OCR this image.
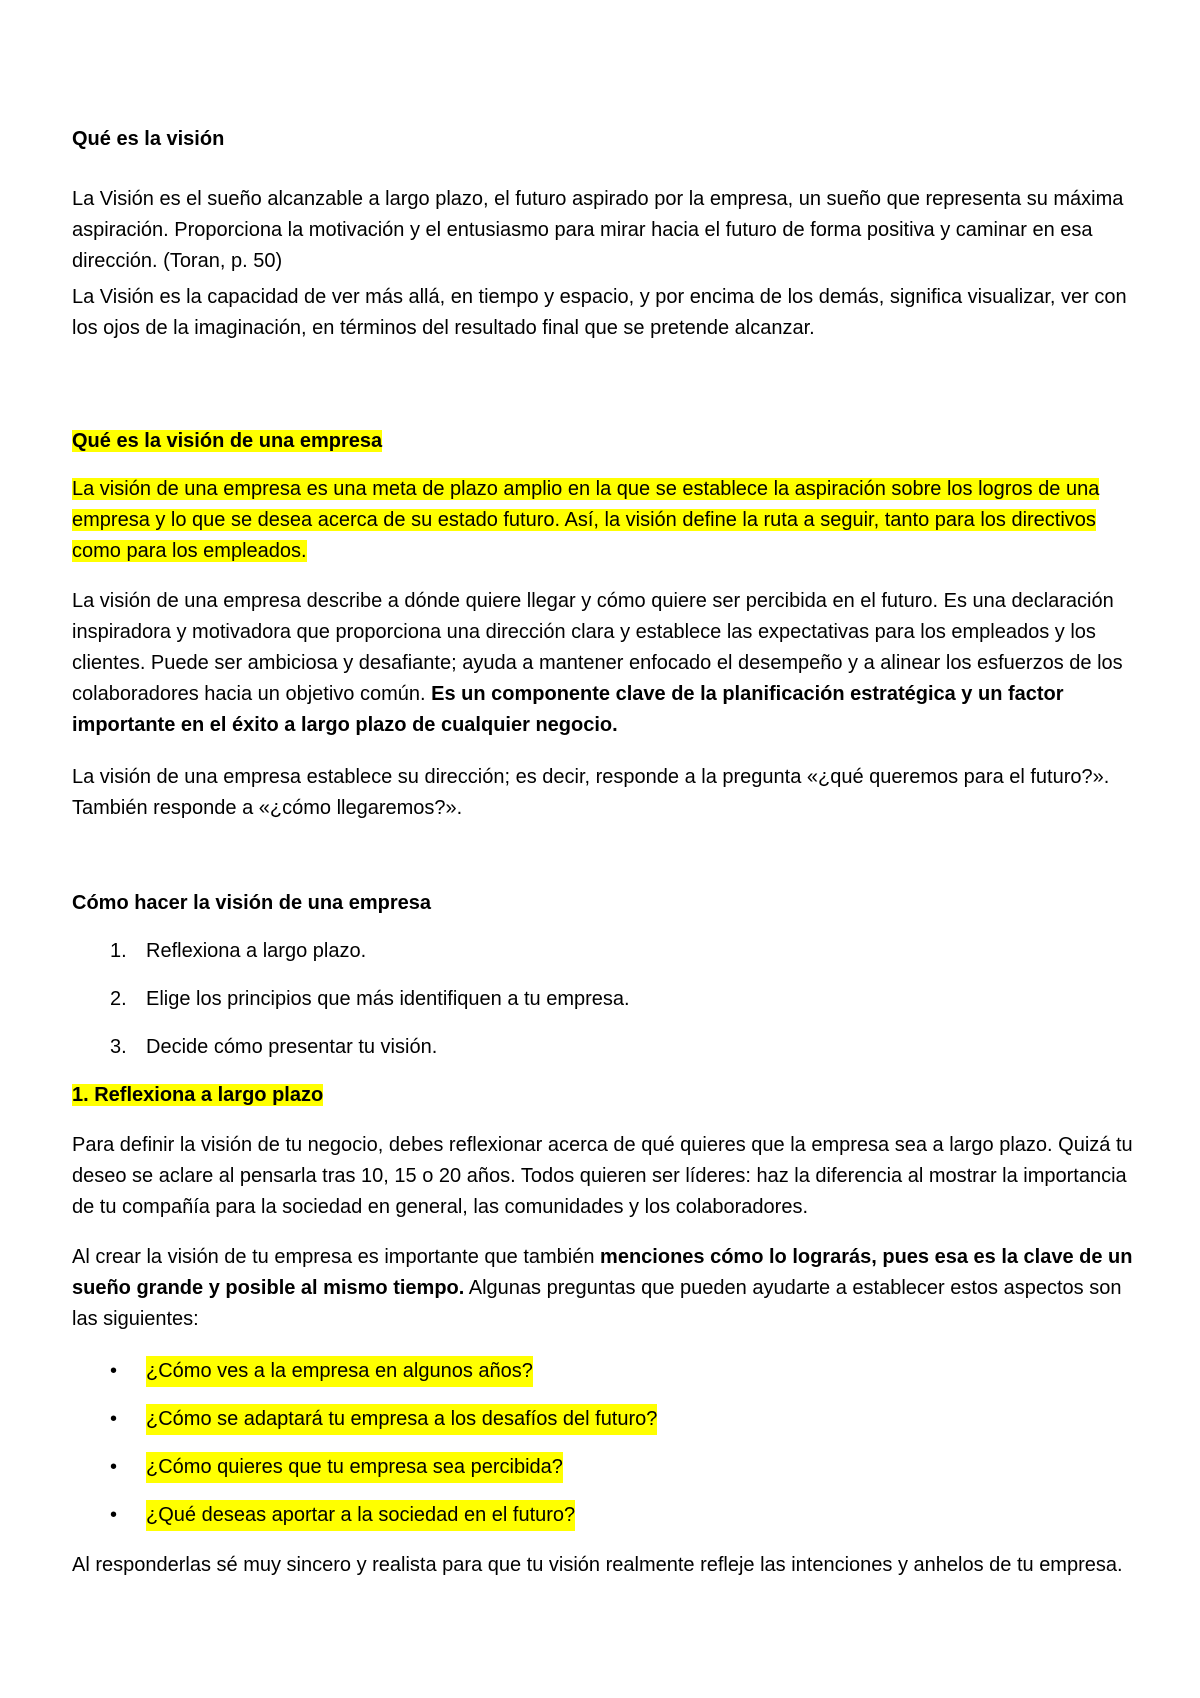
Qué es la visión

La Visión es el sueño alcanzable a largo plazo, el futuro aspirado por la empresa, un sueño que representa su máxima aspiración. Proporciona la motivación y el entusiasmo para mirar hacia el futuro de forma positiva y caminar en esa dirección. (Toran, p. 50)

La Visión es la capacidad de ver más allá, en tiempo y espacio, y por encima de los demás, significa visualizar, ver con los ojos de la imaginación, en términos del resultado final que se pretende alcanzar.

Qué es la visión de una empresa

La visión de una empresa es una meta de plazo amplio en la que se establece la aspiración sobre los logros de una empresa y lo que se desea acerca de su estado futuro. Así, la visión define la ruta a seguir, tanto para los directivos como para los empleados.

La visión de una empresa describe a dónde quiere llegar y cómo quiere ser percibida en el futuro. Es una declaración inspiradora y motivadora que proporciona una dirección clara y establece las expectativas para los empleados y los clientes. Puede ser ambiciosa y desafiante; ayuda a mantener enfocado el desempeño y a alinear los esfuerzos de los colaboradores hacia un objetivo común. Es un componente clave de la planificación estratégica y un factor importante en el éxito a largo plazo de cualquier negocio.

La visión de una empresa establece su dirección; es decir, responde a la pregunta «¿qué queremos para el futuro?». También responde a «¿cómo llegaremos?».

Cómo hacer la visión de una empresa

1. Reflexiona a largo plazo.
2. Elige los principios que más identifiquen a tu empresa.
3. Decide cómo presentar tu visión.

1. Reflexiona a largo plazo

Para definir la visión de tu negocio, debes reflexionar acerca de qué quieres que la empresa sea a largo plazo. Quizá tu deseo se aclare al pensarla tras 10, 15 o 20 años. Todos quieren ser líderes: haz la diferencia al mostrar la importancia de tu compañía para la sociedad en general, las comunidades y los colaboradores.

Al crear la visión de tu empresa es importante que también menciones cómo lo lograrás, pues esa es la clave de un sueño grande y posible al mismo tiempo. Algunas preguntas que pueden ayudarte a establecer estos aspectos son las siguientes:

•	¿Cómo ves a la empresa en algunos años?
•	¿Cómo se adaptará tu empresa a los desafíos del futuro?
•	¿Cómo quieres que tu empresa sea percibida?
•	¿Qué deseas aportar a la sociedad en el futuro?

Al responderlas sé muy sincero y realista para que tu visión realmente refleje las intenciones y anhelos de tu empresa.
